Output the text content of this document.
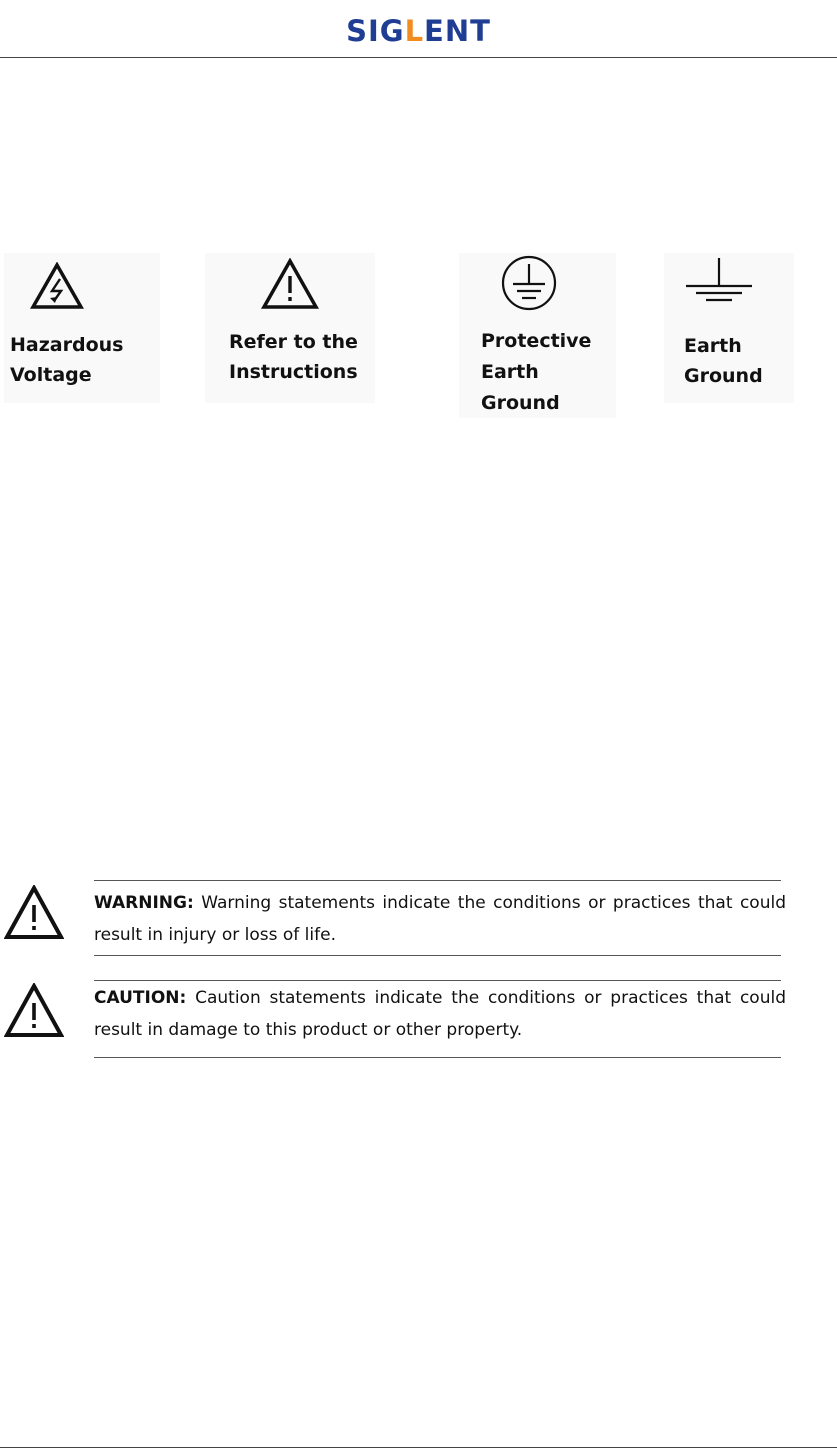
SIGLENT
Hazardous
Voltage
Refer to the
Instructions
Protective
Earth
Ground
Earth
Ground
WARNING: Warning statements indicate the conditions or practices that could result in injury or loss of life.
CAUTION: Caution statements indicate the conditions or practices that could result in damage to this product or other property.
